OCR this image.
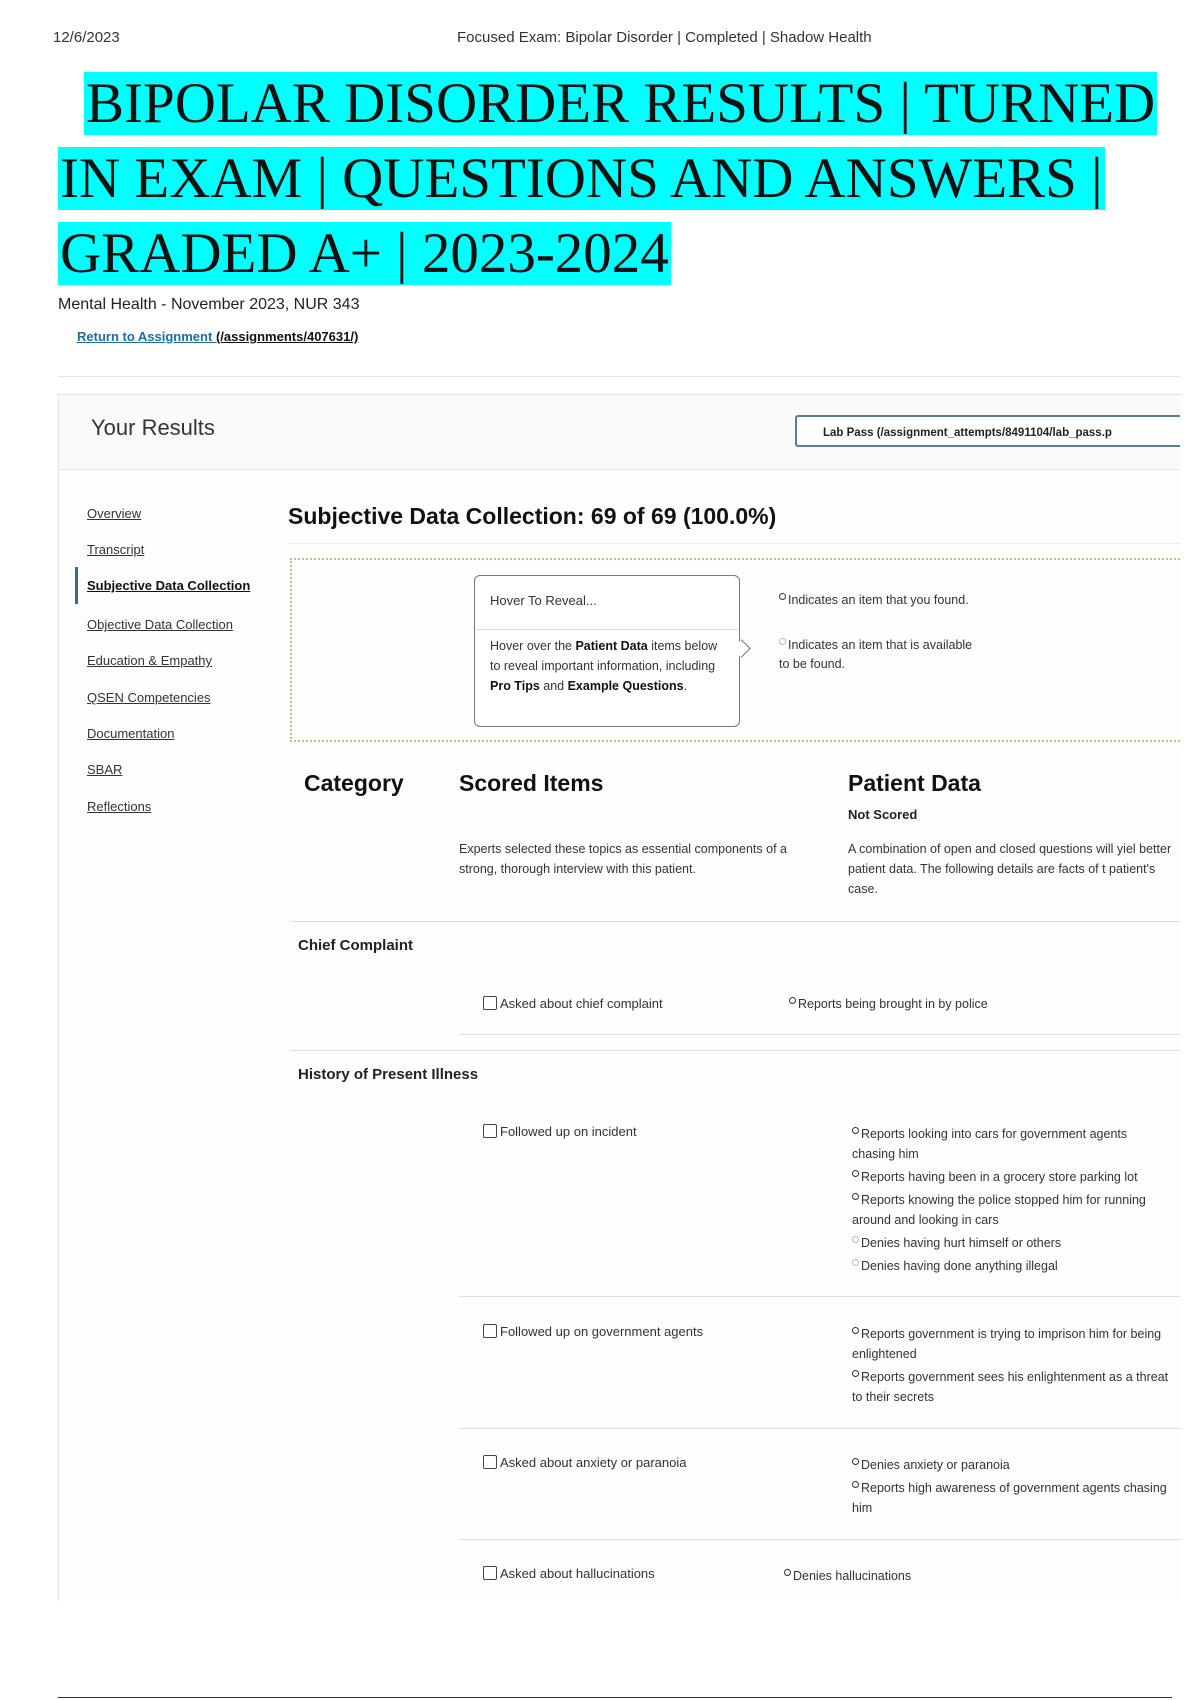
12/6/2023	Focused Exam: Bipolar Disorder | Completed | Shadow Health
BIPOLAR DISORDER RESULTS | TURNED
IN EXAM | QUESTIONS AND ANSWERS |
GRADED A+ | 2023-2024
Mental Health - November 2023, NUR 343
Return to Assignment (/assignments/407631/)
Your Results	Lab Pass (/assignment_attempts/8491104/lab_pass.p
Overview
Transcript
Subjective Data Collection
Objective Data Collection
Education & Empathy
QSEN Competencies
Documentation
SBAR
Reflections
Subjective Data Collection: 69 of 69 (100.0%)
Hover To Reveal...
Hover over the Patient Data items below to reveal important information, including Pro Tips and Example Questions.
Indicates an item that you found.
Indicates an item that is available to be found.
Category Scored Items	Patient Data
Not Scored
Experts selected these topics as essential components of a strong, thorough interview with this patient.
A combination of open and closed questions will yiel better patient data. The following details are facts of t patient's case.
Chief Complaint
Asked about chief complaint	Reports being brought in by police
History of Present Illness
Followed up on incident	Reports looking into cars for government agents chasing him
Reports having been in a grocery store parking lot
Reports knowing the police stopped him for running around and looking in cars
Denies having hurt himself or others
Denies having done anything illegal
Followed up on government agents	Reports government is trying to imprison him for being enlightened
Reports government sees his enlightenment as a threat to their secrets
Asked about anxiety or paranoia	Denies anxiety or paranoia
Reports high awareness of government agents chasing him
Asked about hallucinations	Denies hallucinations
